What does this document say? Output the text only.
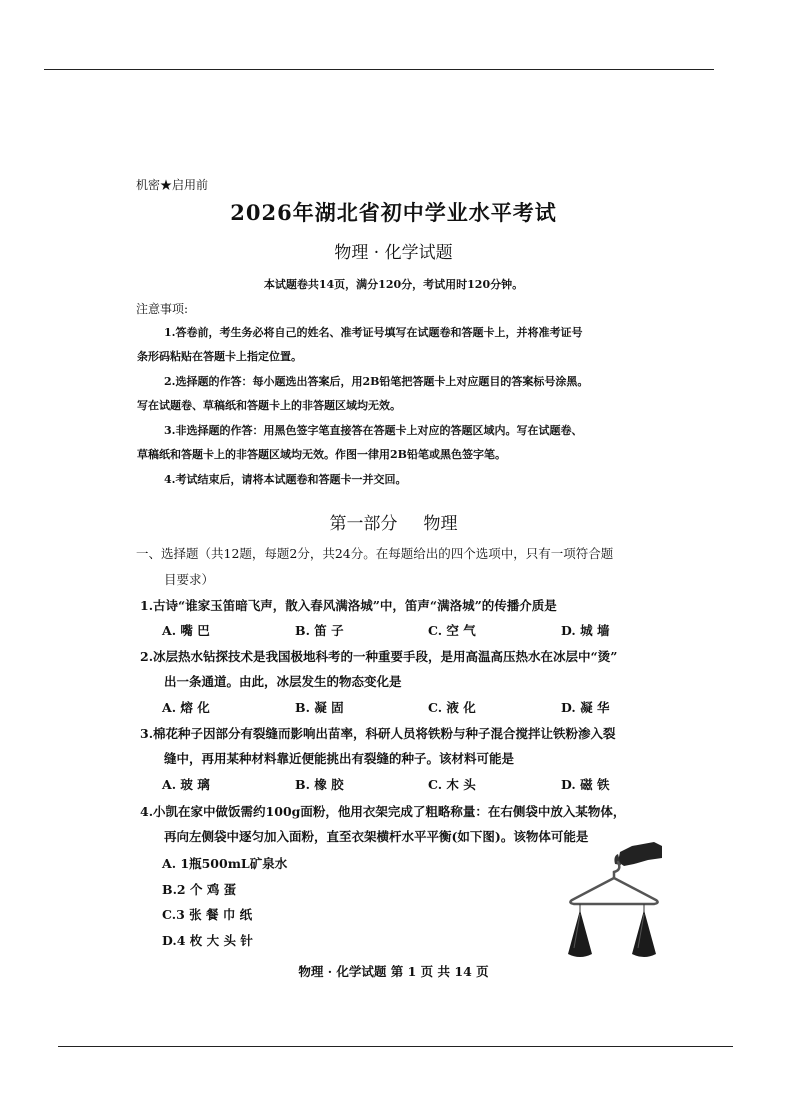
机密★启用前
2026年湖北省初中学业水平考试
物理 · 化学试题
本试题卷共14页，满分120分，考试用时120分钟。
注意事项:
1.答卷前，考生务必将自己的姓名、准考证号填写在试题卷和答题卡上，并将准考证号
条形码粘贴在答题卡上指定位置。
2.选择题的作答：每小题选出答案后，用2B铅笔把答题卡上对应题目的答案标号涂黑。
写在试题卷、草稿纸和答题卡上的非答题区域均无效。
3.非选择题的作答：用黑色签字笔直接答在答题卡上对应的答题区域内。写在试题卷、
草稿纸和答题卡上的非答题区域均无效。作图一律用2B铅笔或黑色签字笔。
4.考试结束后，请将本试题卷和答题卡一并交回。
第一部分 物理
一、选择题（共12题，每题2分，共24分。在每题给出的四个选项中，只有一项符合题
目要求）
1.古诗“谁家玉笛暗飞声，散入春风满洛城”中，笛声“满洛城”的传播介质是
A. 嘴 巴	B. 笛 子	C. 空 气	D. 城 墙
2.冰层热水钻探技术是我国极地科考的一种重要手段，是用高温高压热水在冰层中“烫”
出一条通道。由此，冰层发生的物态变化是
A. 熔 化	B. 凝 固	C. 液 化	D. 凝 华
3.棉花种子因部分有裂缝而影响出苗率，科研人员将铁粉与种子混合搅拌让铁粉渗入裂
缝中，再用某种材料靠近便能挑出有裂缝的种子。该材料可能是
A. 玻 璃	B. 橡 胶	C. 木 头	D. 磁 铁
4.小凯在家中做饭需约100g面粉，他用衣架完成了粗略称量：在右侧袋中放入某物体，
再向左侧袋中逐匀加入面粉，直至衣架横杆水平平衡(如下图)。该物体可能是
A. 1瓶500mL矿泉水
B.2 个 鸡 蛋
C.3 张 餐 巾 纸
D.4 枚 大 头 针
物理 · 化学试题 第 1 页 共 14 页
